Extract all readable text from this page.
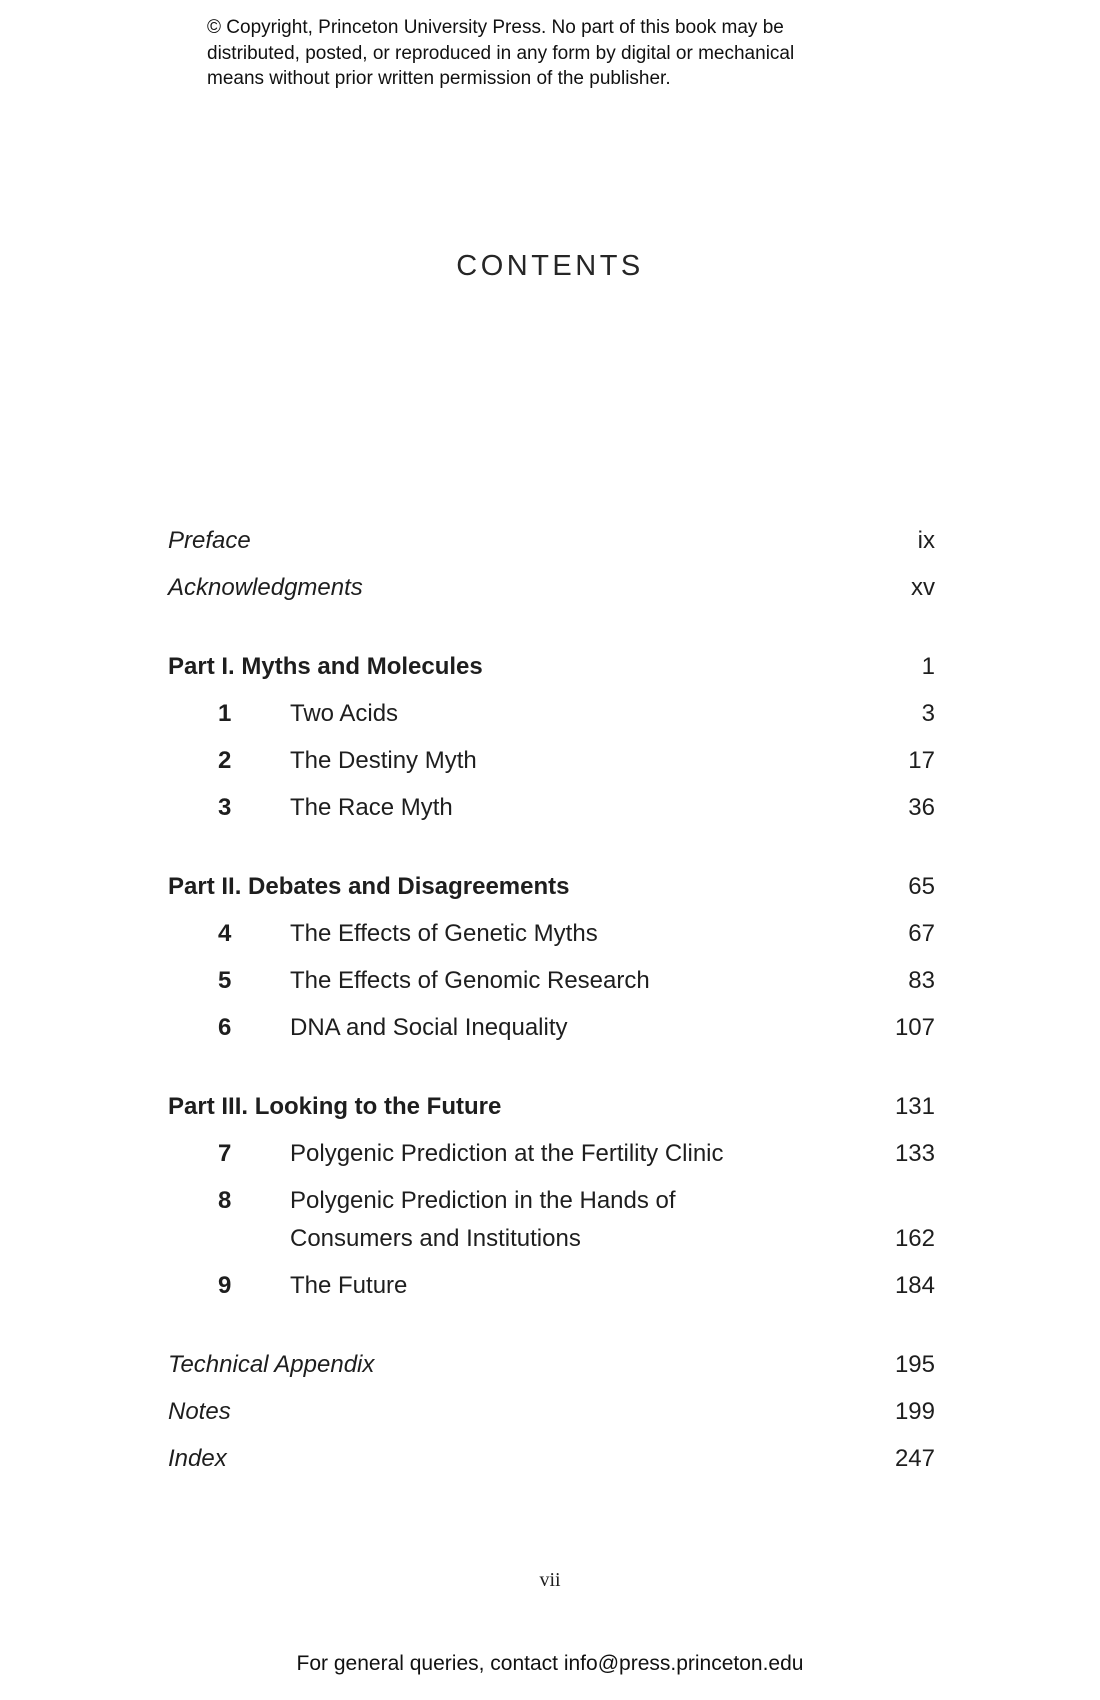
© Copyright, Princeton University Press. No part of this book may be
distributed, posted, or reproduced in any form by digital or mechanical
means without prior written permission of the publisher.
CONTENTS
Preface	ix
Acknowledgments	xv
Part I. Myths and Molecules	1
1	Two Acids	3
2	The Destiny Myth	17
3	The Race Myth	36
Part II. Debates and Disagreements	65
4	The Effects of Genetic Myths	67
5	The Effects of Genomic Research	83
6	DNA and Social Inequality	107
Part III. Looking to the Future	131
7	Polygenic Prediction at the Fertility Clinic	133
8	Polygenic Prediction in the Hands of
Consumers and Institutions	162
9	The Future	184
Technical Appendix	195
Notes	199
Index	247
vii
For general queries, contact info@press.princeton.edu
